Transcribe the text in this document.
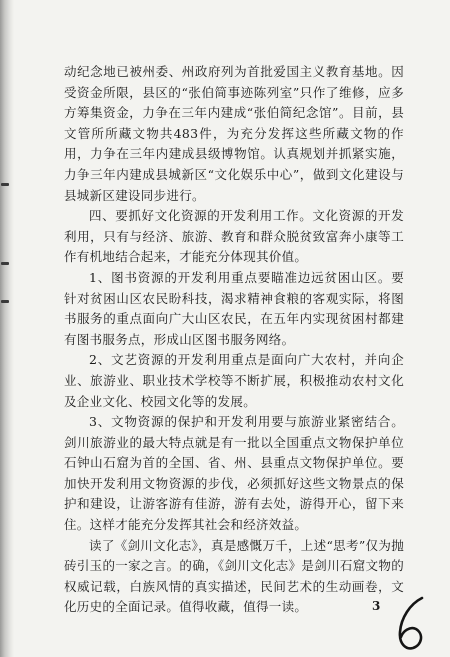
动纪念地已被州委、州政府列为首批爱国主义教育基地。因受资金所限，县区的“张伯简事迹陈列室”只作了维修，应多方筹集资金，力争在三年内建成“张伯简纪念馆”。目前，县文管所所藏文物共483件，为充分发挥这些所藏文物的作用，力争在三年内建成县级博物馆。认真规划并抓紧实施，力争三年内建成县城新区“文化娱乐中心”，做到文化建设与县城新区建设同步进行。

四、要抓好文化资源的开发利用工作。文化资源的开发利用，只有与经济、旅游、教育和群众脱贫致富奔小康等工作有机地结合起来，才能充分体现其价值。

1、图书资源的开发利用重点要瞄准边远贫困山区。要针对贫困山区农民盼科技，渴求精神食粮的客观实际，将图书服务的重点面向广大山区农民，在五年内实现贫困村都建有图书服务点，形成山区图书服务网络。

2、文艺资源的开发利用重点是面向广大农村，并向企业、旅游业、职业技术学校等不断扩展，积极推动农村文化及企业文化、校园文化等的发展。

3、文物资源的保护和开发利用要与旅游业紧密结合。剑川旅游业的最大特点就是有一批以全国重点文物保护单位石钟山石窟为首的全国、省、州、县重点文物保护单位。要加快开发利用文物资源的步伐，必须抓好这些文物景点的保护和建设，让游客游有佳游，游有去处，游得开心，留下来住。这样才能充分发挥其社会和经济效益。

读了《剑川文化志》，真是感慨万千，上述“思考”仅为抛砖引玉的一家之言。的确，《剑川文化志》是剑川石窟文物的权威记载，白族风情的真实描述，民间艺术的生动画卷，文化历史的全面记录。值得收藏，值得一读。	3
